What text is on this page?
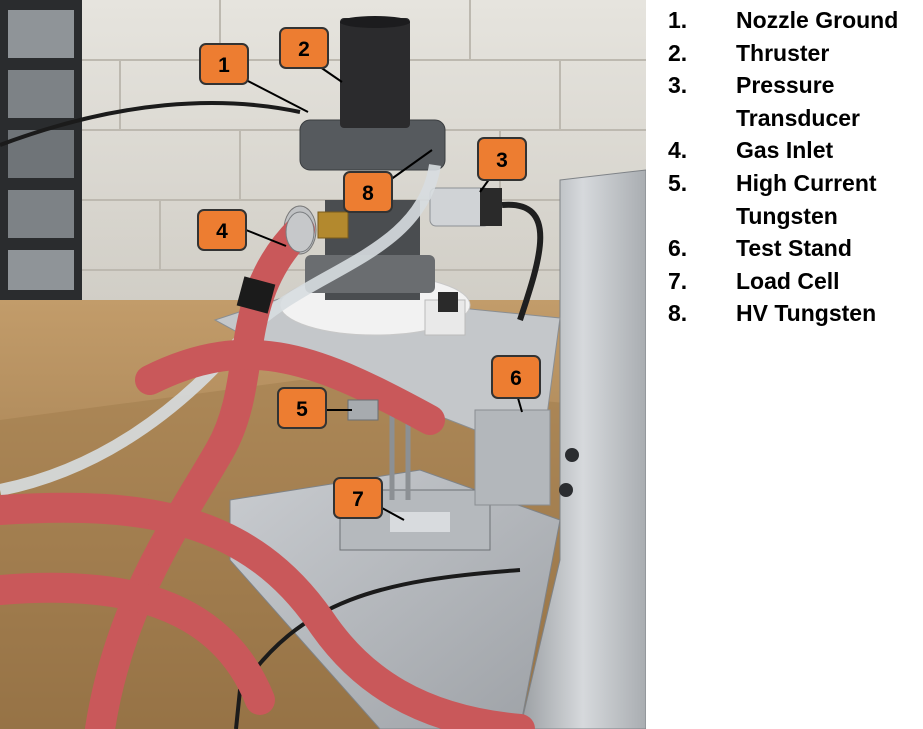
1
2
3
4
5
6
7
8
1.	Nozzle Ground
2.	Thruster
3.	Pressure Transducer
4.	Gas Inlet
5.	High Current Tungsten
6.	Test Stand
7.	Load Cell
8.	HV Tungsten
